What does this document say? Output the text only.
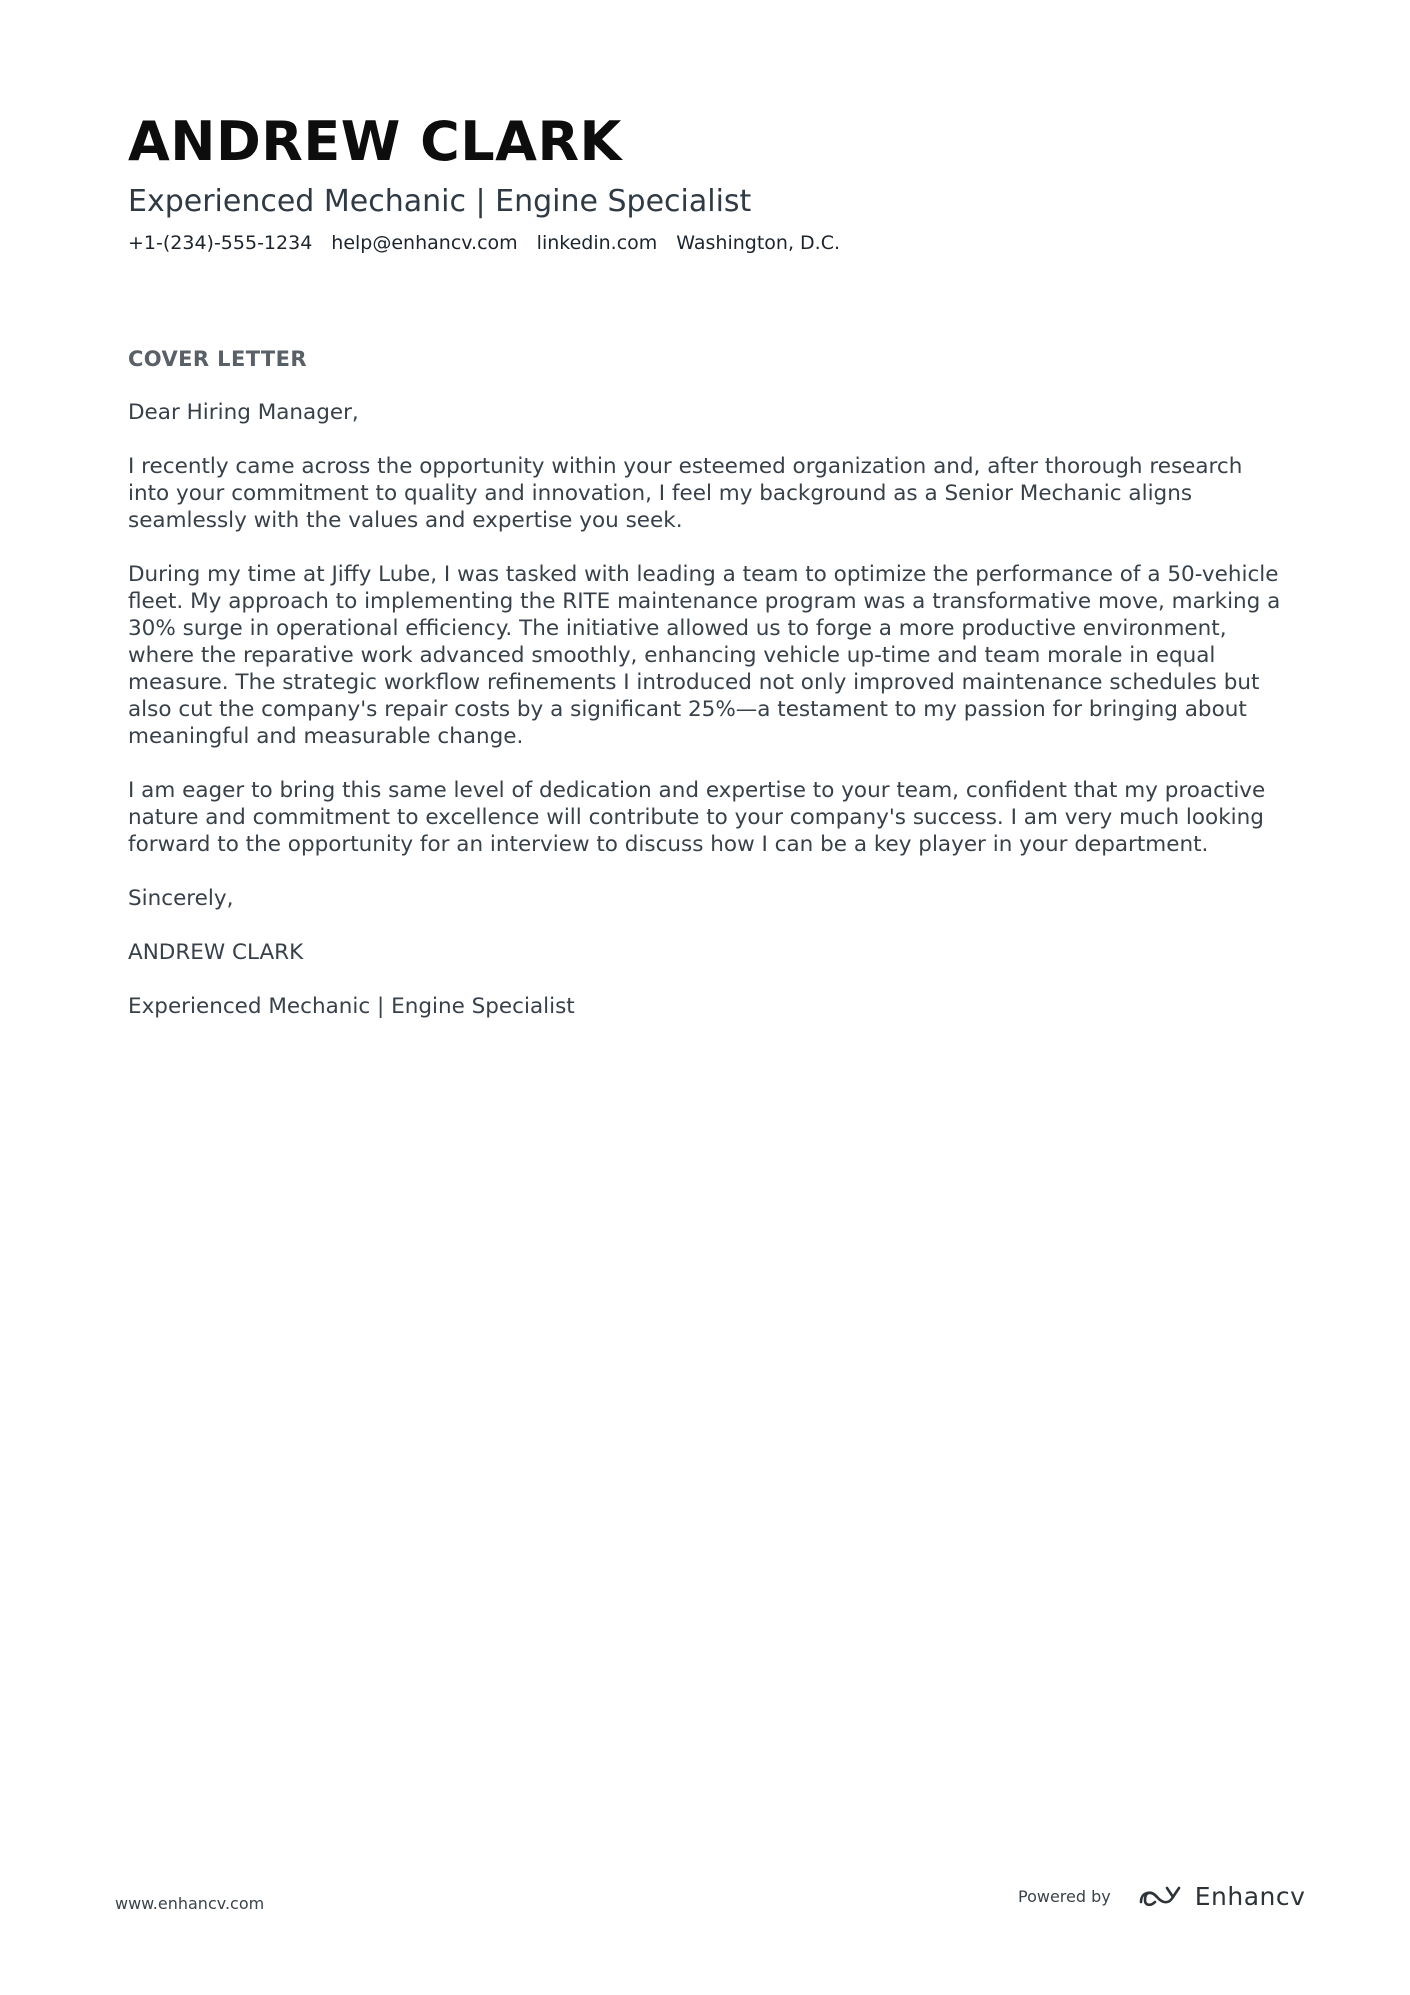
ANDREW CLARK
Experienced Mechanic | Engine Specialist
+1-(234)-555-1234 help@enhancv.com linkedin.com Washington, D.C.
COVER LETTER
Dear Hiring Manager,
I recently came across the opportunity within your esteemed organization and, after thorough research into your commitment to quality and innovation, I feel my background as a Senior Mechanic aligns seamlessly with the values and expertise you seek.
During my time at Jiffy Lube, I was tasked with leading a team to optimize the performance of a 50-vehicle fleet. My approach to implementing the RITE maintenance program was a transformative move, marking a 30% surge in operational efficiency. The initiative allowed us to forge a more productive environment, where the reparative work advanced smoothly, enhancing vehicle up-time and team morale in equal measure. The strategic workflow refinements I introduced not only improved maintenance schedules but also cut the company's repair costs by a significant 25%—a testament to my passion for bringing about meaningful and measurable change.
I am eager to bring this same level of dedication and expertise to your team, confident that my proactive nature and commitment to excellence will contribute to your company's success. I am very much looking forward to the opportunity for an interview to discuss how I can be a key player in your department.
Sincerely,
ANDREW CLARK
Experienced Mechanic | Engine Specialist
www.enhancv.com	Powered by	Enhancv
